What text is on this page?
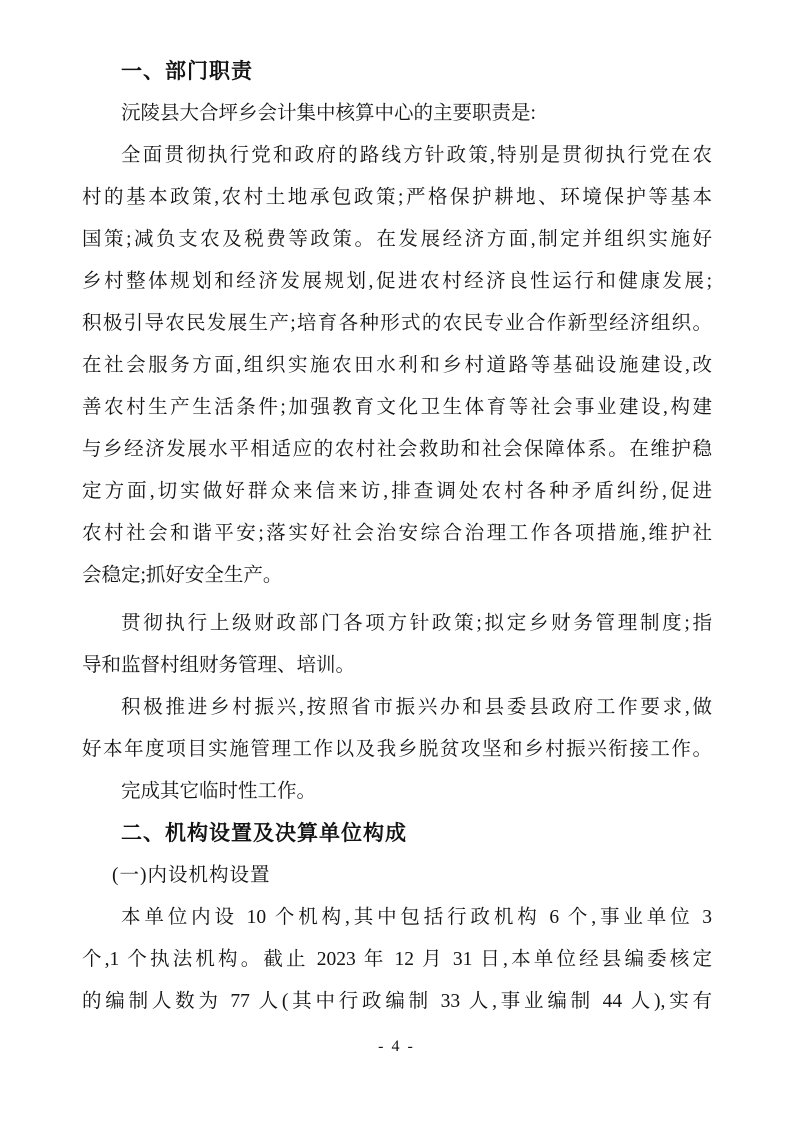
一、部门职责
沅陵县大合坪乡会计集中核算中心的主要职责是:
全面贯彻执行党和政府的路线方针政策,特别是贯彻执行党在农
村的基本政策,农村土地承包政策;严格保护耕地、环境保护等基本
国策;减负支农及税费等政策。在发展经济方面,制定并组织实施好
乡村整体规划和经济发展规划,促进农村经济良性运行和健康发展;
积极引导农民发展生产;培育各种形式的农民专业合作新型经济组织。
在社会服务方面,组织实施农田水利和乡村道路等基础设施建设,改
善农村生产生活条件;加强教育文化卫生体育等社会事业建设,构建
与乡经济发展水平相适应的农村社会救助和社会保障体系。在维护稳
定方面,切实做好群众来信来访,排查调处农村各种矛盾纠纷,促进
农村社会和谐平安;落实好社会治安综合治理工作各项措施,维护社
会稳定;抓好安全生产。
贯彻执行上级财政部门各项方针政策;拟定乡财务管理制度;指
导和监督村组财务管理、培训。
积极推进乡村振兴,按照省市振兴办和县委县政府工作要求,做
好本年度项目实施管理工作以及我乡脱贫攻坚和乡村振兴衔接工作。
完成其它临时性工作。
二、机构设置及决算单位构成
(一)内设机构设置
本单位内设 10 个机构,其中包括行政机构 6 个,事业单位 3
个,1 个执法机构。截止 2023 年 12 月 31 日,本单位经县编委核定
的编制人数为 77 人(其中行政编制 33 人,事业编制 44 人),实有
- 4 -
